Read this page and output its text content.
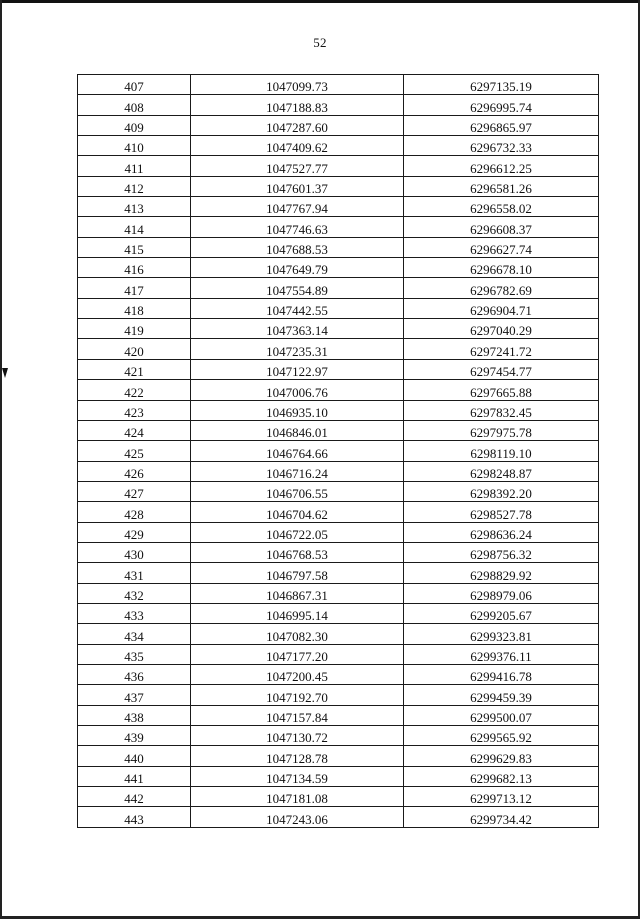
52
407	1047099.73	6297135.19
408	1047188.83	6296995.74
409	1047287.60	6296865.97
410	1047409.62	6296732.33
411	1047527.77	6296612.25
412	1047601.37	6296581.26
413	1047767.94	6296558.02
414	1047746.63	6296608.37
415	1047688.53	6296627.74
416	1047649.79	6296678.10
417	1047554.89	6296782.69
418	1047442.55	6296904.71
419	1047363.14	6297040.29
420	1047235.31	6297241.72
421	1047122.97	6297454.77
422	1047006.76	6297665.88
423	1046935.10	6297832.45
424	1046846.01	6297975.78
425	1046764.66	6298119.10
426	1046716.24	6298248.87
427	1046706.55	6298392.20
428	1046704.62	6298527.78
429	1046722.05	6298636.24
430	1046768.53	6298756.32
431	1046797.58	6298829.92
432	1046867.31	6298979.06
433	1046995.14	6299205.67
434	1047082.30	6299323.81
435	1047177.20	6299376.11
436	1047200.45	6299416.78
437	1047192.70	6299459.39
438	1047157.84	6299500.07
439	1047130.72	6299565.92
440	1047128.78	6299629.83
441	1047134.59	6299682.13
442	1047181.08	6299713.12
443	1047243.06	6299734.42
